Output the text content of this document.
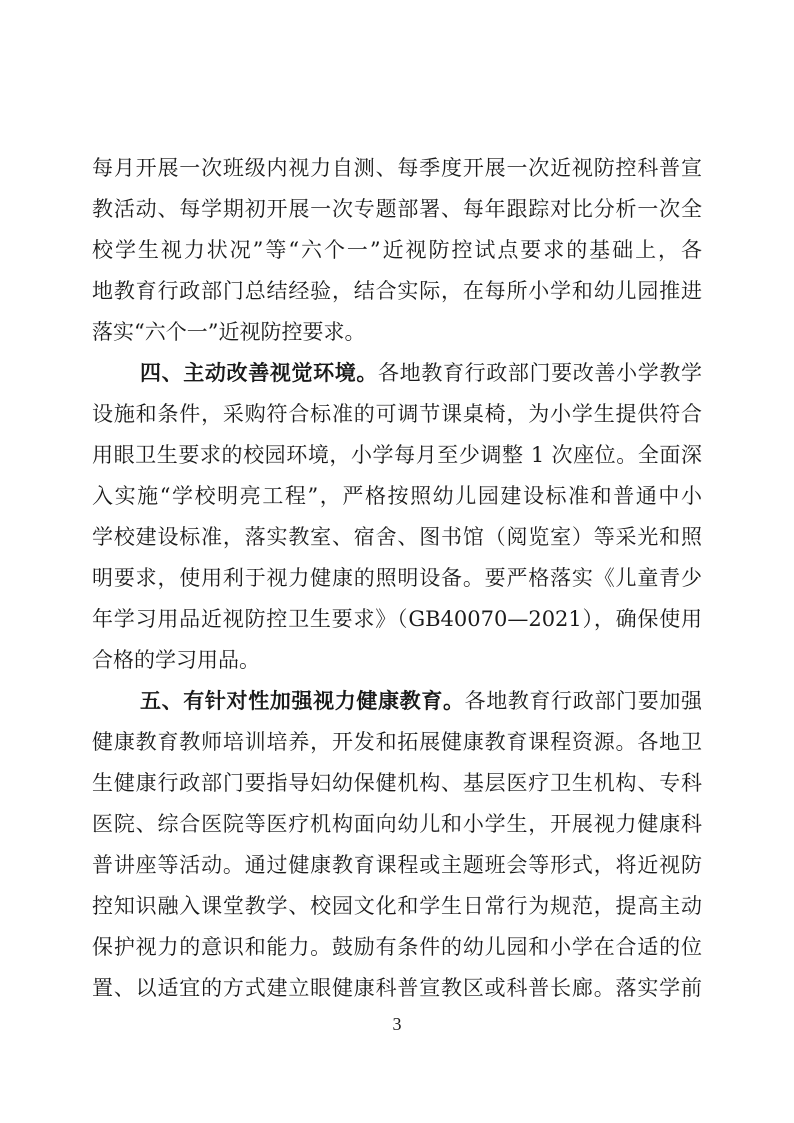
每月开展一次班级内视力自测、每季度开展一次近视防控科普宣
教活动、每学期初开展一次专题部署、每年跟踪对比分析一次全
校学生视力状况”等“六个一”近视防控试点要求的基础上，各
地教育行政部门总结经验，结合实际，在每所小学和幼儿园推进
落实“六个一”近视防控要求。
四、主动改善视觉环境。各地教育行政部门要改善小学教学
设施和条件，采购符合标准的可调节课桌椅，为小学生提供符合
用眼卫生要求的校园环境，小学每月至少调整 1 次座位。全面深
入实施“学校明亮工程”，严格按照幼儿园建设标准和普通中小
学校建设标准，落实教室、宿舍、图书馆（阅览室）等采光和照
明要求，使用利于视力健康的照明设备。要严格落实《儿童青少
年学习用品近视防控卫生要求》（GB40070—2021），确保使用
合格的学习用品。
五、有针对性加强视力健康教育。各地教育行政部门要加强
健康教育教师培训培养，开发和拓展健康教育课程资源。各地卫
生健康行政部门要指导妇幼保健机构、基层医疗卫生机构、专科
医院、综合医院等医疗机构面向幼儿和小学生，开展视力健康科
普讲座等活动。通过健康教育课程或主题班会等形式，将近视防
控知识融入课堂教学、校园文化和学生日常行为规范，提高主动
保护视力的意识和能力。鼓励有条件的幼儿园和小学在合适的位
置、以适宜的方式建立眼健康科普宣教区或科普长廊。落实学前
3
